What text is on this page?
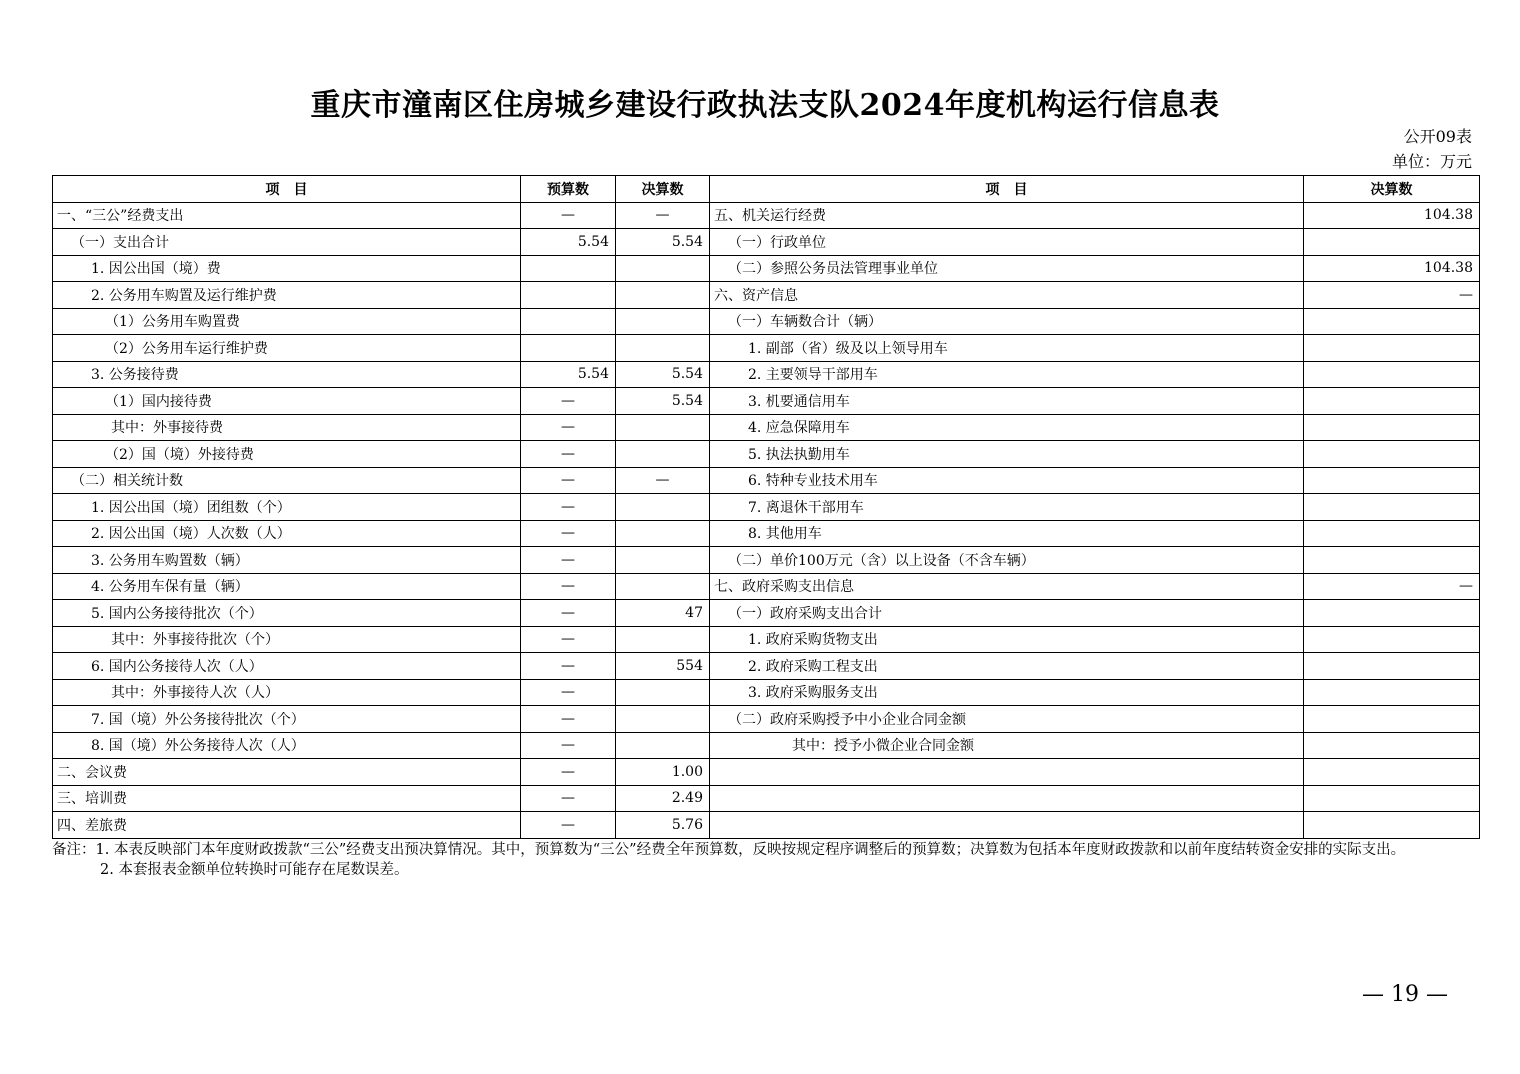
重庆市潼南区住房城乡建设行政执法支队2024年度机构运行信息表
公开09表
单位：万元
项　目	预算数	决算数	项　目	决算数
一、“三公”经费支出	—	—	五、机关运行经费	104.38
（一）支出合计	5.54	5.54	（一）行政单位	
1. 因公出国（境）费			（二）参照公务员法管理事业单位	104.38
2. 公务用车购置及运行维护费			六、资产信息	—
（1）公务用车购置费			（一）车辆数合计（辆）	
（2）公务用车运行维护费			1. 副部（省）级及以上领导用车	
3. 公务接待费	5.54	5.54	2. 主要领导干部用车	
（1）国内接待费	—	5.54	3. 机要通信用车	
其中：外事接待费	—		4. 应急保障用车	
（2）国（境）外接待费	—		5. 执法执勤用车	
（二）相关统计数	—	—	6. 特种专业技术用车	
1. 因公出国（境）团组数（个）	—		7. 离退休干部用车	
2. 因公出国（境）人次数（人）	—		8. 其他用车	
3. 公务用车购置数（辆）	—		（二）单价100万元（含）以上设备（不含车辆）	
4. 公务用车保有量（辆）	—		七、政府采购支出信息	—
5. 国内公务接待批次（个）	—	47	（一）政府采购支出合计	
其中：外事接待批次（个）	—		1. 政府采购货物支出	
6. 国内公务接待人次（人）	—	554	2. 政府采购工程支出	
其中：外事接待人次（人）	—		3. 政府采购服务支出	
7. 国（境）外公务接待批次（个）	—		（二）政府采购授予中小企业合同金额	
8. 国（境）外公务接待人次（人）	—		其中：授予小微企业合同金额	
二、会议费	—	1.00		
三、培训费	—	2.49		
四、差旅费	—	5.76		
备注：1. 本表反映部门本年度财政拨款“三公”经费支出预决算情况。其中，预算数为“三公”经费全年预算数，反映按规定程序调整后的预算数；决算数为包括本年度财政拨款和以前年度结转资金安排的实际支出。
2. 本套报表金额单位转换时可能存在尾数误差。
— 19 —
